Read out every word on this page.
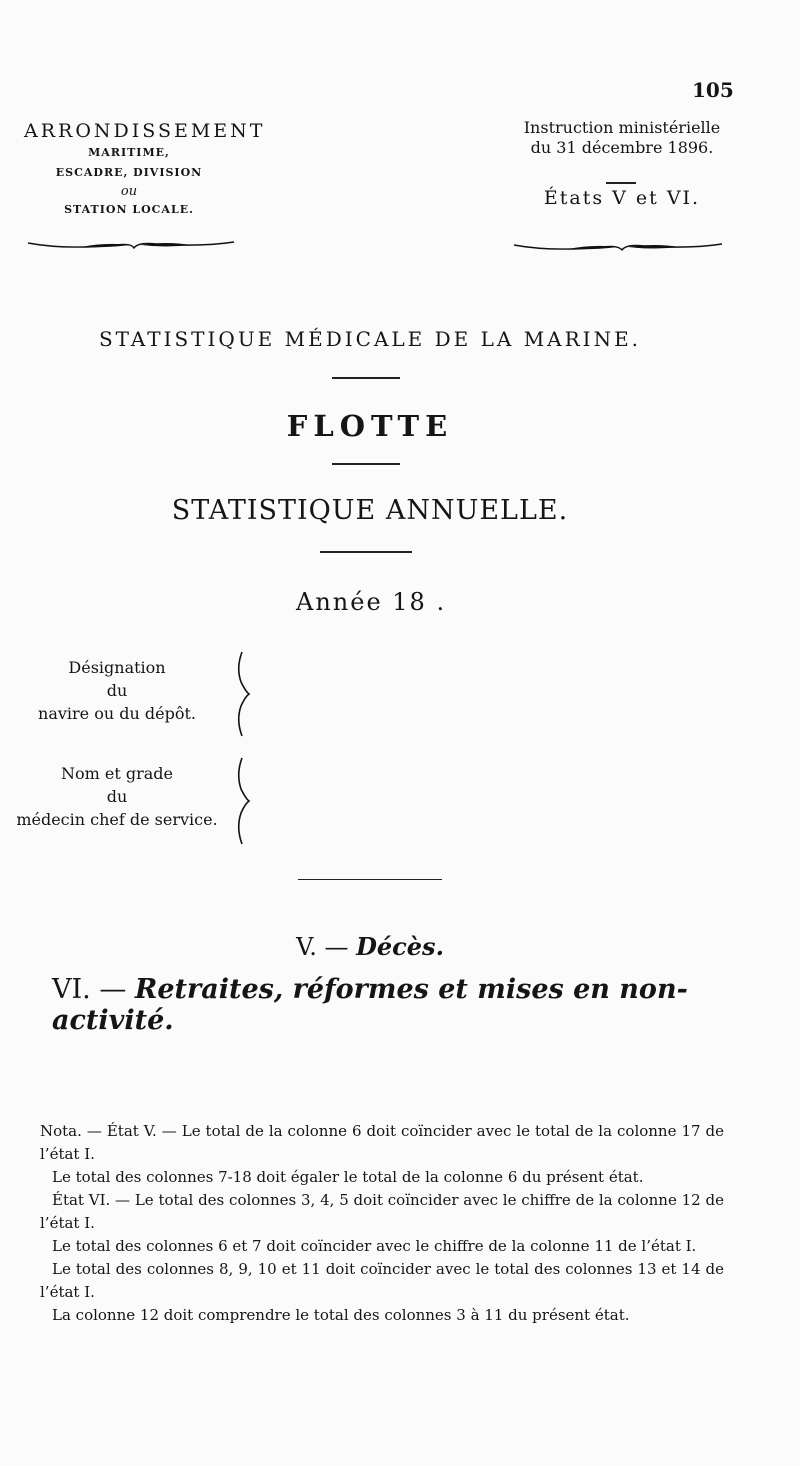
105
ARRONDISSEMENT
MARITIME,
ESCADRE, DIVISION
ou
STATION LOCALE.
Instruction ministérielle
du 31 décembre 1896.
États V et VI.
STATISTIQUE MÉDICALE DE LA MARINE.
FLOTTE
STATISTIQUE ANNUELLE.
Année 18 .
Désignation
du
navire ou du dépôt.
Nom et grade
du
médecin chef de service.
V. — Décès.
VI. — Retraites, réformes et mises en non-activité.

Nota. — État V. — Le total de la colonne 6 doit coïncider avec le total de la colonne 17 de l’état I.

Le total des colonnes 7-18 doit égaler le total de la colonne 6 du présent état.

État VI. — Le total des colonnes 3, 4, 5 doit coïncider avec le chiffre de la colonne 12 de l’état I.

Le total des colonnes 6 et 7 doit coïncider avec le chiffre de la colonne 11 de l’état I.

Le total des colonnes 8, 9, 10 et 11 doit coïncider avec le total des colonnes 13 et 14 de l’état I.

La colonne 12 doit comprendre le total des colonnes 3 à 11 du présent état.
